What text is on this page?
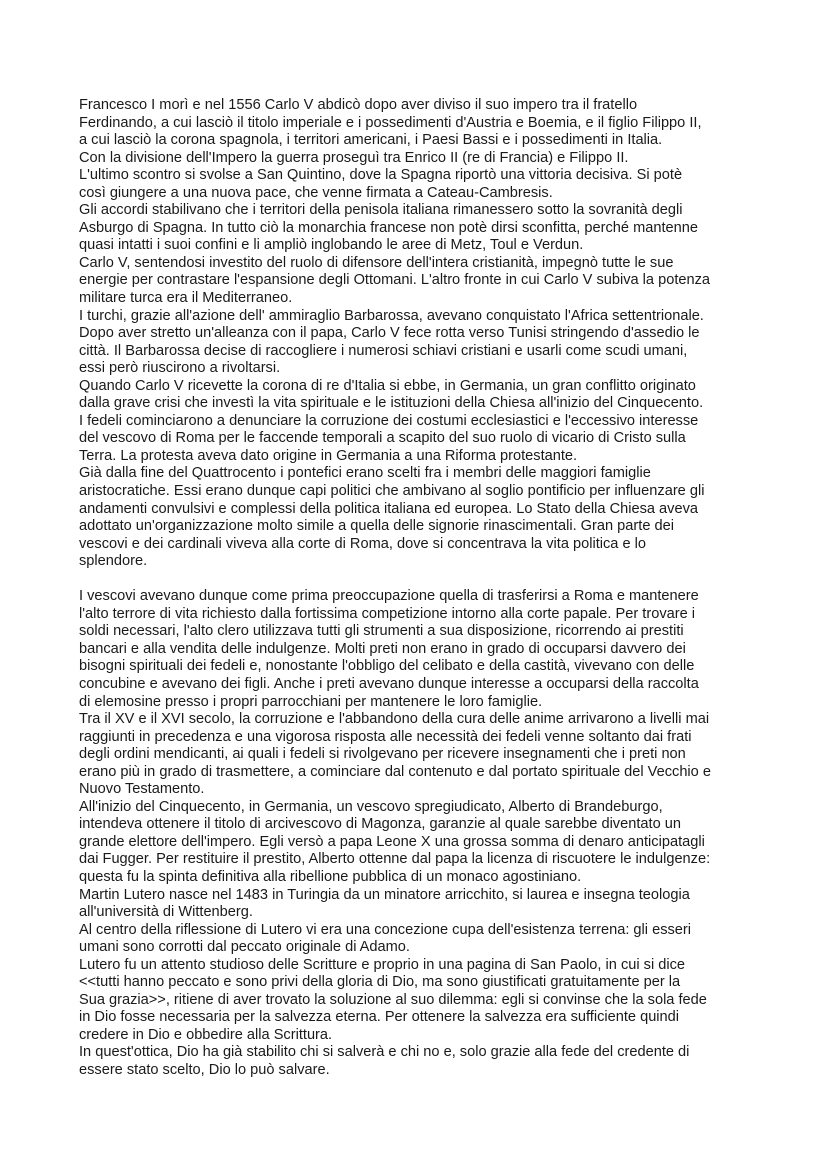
Francesco I morì e nel 1556 Carlo V abdicò dopo aver diviso il suo impero tra il fratello
Ferdinando, a cui lasciò il titolo imperiale e i possedimenti d'Austria e Boemia, e il figlio Filippo II,
a cui lasciò la corona spagnola, i territori americani, i Paesi Bassi e i possedimenti in Italia.

Con la divisione dell'Impero la guerra proseguì tra Enrico II (re di Francia) e Filippo II.

L'ultimo scontro si svolse a San Quintino, dove la Spagna riportò una vittoria decisiva. Si potè
così giungere a una nuova pace, che venne firmata a Cateau-Cambresis.

Gli accordi stabilivano che i territori della penisola italiana rimanessero sotto la sovranità degli
Asburgo di Spagna. In tutto ciò la monarchia francese non potè dirsi sconfitta, perché mantenne
quasi intatti i suoi confini e li ampliò inglobando le aree di Metz, Toul e Verdun.

Carlo V, sentendosi investito del ruolo di difensore dell'intera cristianità, impegnò tutte le sue
energie per contrastare l'espansione degli Ottomani. L'altro fronte in cui Carlo V subiva la potenza
militare turca era il Mediterraneo.

I turchi, grazie all'azione dell' ammiraglio Barbarossa, avevano conquistato l'Africa settentrionale.
Dopo aver stretto un'alleanza con il papa, Carlo V fece rotta verso Tunisi stringendo d'assedio le
città. Il Barbarossa decise di raccogliere i numerosi schiavi cristiani e usarli come scudi umani,
essi però riuscirono a rivoltarsi.

Quando Carlo V ricevette la corona di re d'Italia si ebbe, in Germania, un gran conflitto originato
dalla grave crisi che investì la vita spirituale e le istituzioni della Chiesa all'inizio del Cinquecento.

I fedeli cominciarono a denunciare la corruzione dei costumi ecclesiastici e l'eccessivo interesse
del vescovo di Roma per le faccende temporali a scapito del suo ruolo di vicario di Cristo sulla
Terra. La protesta aveva dato origine in Germania a una Riforma protestante.

Già dalla fine del Quattrocento i pontefici erano scelti fra i membri delle maggiori famiglie
aristocratiche. Essi erano dunque capi politici che ambivano al soglio pontificio per influenzare gli
andamenti convulsivi e complessi della politica italiana ed europea. Lo Stato della Chiesa aveva
adottato un'organizzazione molto simile a quella delle signorie rinascimentali. Gran parte dei
vescovi e dei cardinali viveva alla corte di Roma, dove si concentrava la vita politica e lo
splendore.

I vescovi avevano dunque come prima preoccupazione quella di trasferirsi a Roma e mantenere
l'alto terrore di vita richiesto dalla fortissima competizione intorno alla corte papale. Per trovare i
soldi necessari, l'alto clero utilizzava tutti gli strumenti a sua disposizione, ricorrendo ai prestiti
bancari e alla vendita delle indulgenze. Molti preti non erano in grado di occuparsi davvero dei
bisogni spirituali dei fedeli e, nonostante l'obbligo del celibato e della castità, vivevano con delle
concubine e avevano dei figli. Anche i preti avevano dunque interesse a occuparsi della raccolta
di elemosine presso i propri parrocchiani per mantenere le loro famiglie.

Tra il XV e il XVI secolo, la corruzione e l'abbandono della cura delle anime arrivarono a livelli mai
raggiunti in precedenza e una vigorosa risposta alle necessità dei fedeli venne soltanto dai frati
degli ordini mendicanti, ai quali i fedeli si rivolgevano per ricevere insegnamenti che i preti non
erano più in grado di trasmettere, a cominciare dal contenuto e dal portato spirituale del Vecchio e
Nuovo Testamento.

All'inizio del Cinquecento, in Germania, un vescovo spregiudicato, Alberto di Brandeburgo,
intendeva ottenere il titolo di arcivescovo di Magonza, garanzie al quale sarebbe diventato un
grande elettore dell'impero. Egli versò a papa Leone X una grossa somma di denaro anticipatagli
dai Fugger. Per restituire il prestito, Alberto ottenne dal papa la licenza di riscuotere le indulgenze:
questa fu la spinta definitiva alla ribellione pubblica di un monaco agostiniano.

Martin Lutero nasce nel 1483 in Turingia da un minatore arricchito, si laurea e insegna teologia
all'università di Wittenberg.

Al centro della riflessione di Lutero vi era una concezione cupa dell'esistenza terrena: gli esseri
umani sono corrotti dal peccato originale di Adamo.

Lutero fu un attento studioso delle Scritture e proprio in una pagina di San Paolo, in cui si dice
<<tutti hanno peccato e sono privi della gloria di Dio, ma sono giustificati gratuitamente per la
Sua grazia>>, ritiene di aver trovato la soluzione al suo dilemma: egli si convinse che la sola fede
in Dio fosse necessaria per la salvezza eterna. Per ottenere la salvezza era sufficiente quindi
credere in Dio e obbedire alla Scrittura.

In quest'ottica, Dio ha già stabilito chi si salverà e chi no e, solo grazie alla fede del credente di
essere stato scelto, Dio lo può salvare.
